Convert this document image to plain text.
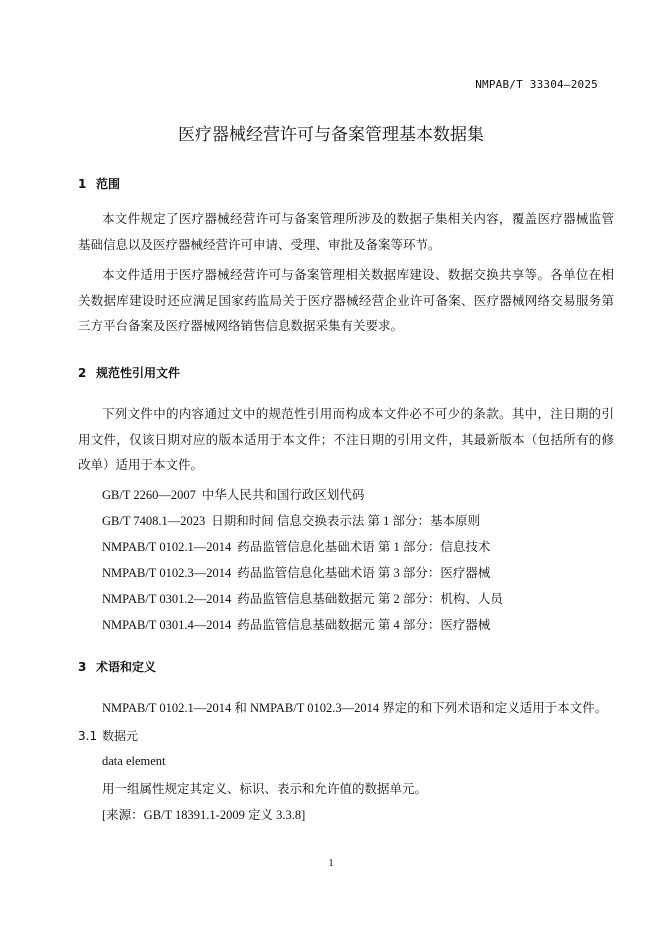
NMPAB/T 33304—2025
医疗器械经营许可与备案管理基本数据集
1 范围

本文件规定了医疗器械经营许可与备案管理所涉及的数据子集相关内容，覆盖医疗器械监管基础信息以及医疗器械经营许可申请、受理、审批及备案等环节。

本文件适用于医疗器械经营许可与备案管理相关数据库建设、数据交换共享等。各单位在相关数据库建设时还应满足国家药监局关于医疗器械经营企业许可备案、医疗器械网络交易服务第三方平台备案及医疗器械网络销售信息数据采集有关要求。

2 规范性引用文件

下列文件中的内容通过文中的规范性引用而构成本文件必不可少的条款。其中，注日期的引用文件，仅该日期对应的版本适用于本文件；不注日期的引用文件，其最新版本（包括所有的修改单）适用于本文件。

GB/T 2260—2007 中华人民共和国行政区划代码
GB/T 7408.1—2023 日期和时间 信息交换表示法 第 1 部分：基本原则
NMPAB/T 0102.1—2014 药品监管信息化基础术语 第 1 部分：信息技术
NMPAB/T 0102.3—2014 药品监管信息化基础术语 第 3 部分：医疗器械
NMPAB/T 0301.2—2014 药品监管信息基础数据元 第 2 部分：机构、人员
NMPAB/T 0301.4—2014 药品监管信息基础数据元 第 4 部分：医疗器械
3 术语和定义

NMPAB/T 0102.1—2014 和 NMPAB/T 0102.3—2014 界定的和下列术语和定义适用于本文件。

3.1 数据元
data element
用一组属性规定其定义、标识、表示和允许值的数据单元。
[来源：GB/T 18391.1-2009 定义 3.3.8]
1
